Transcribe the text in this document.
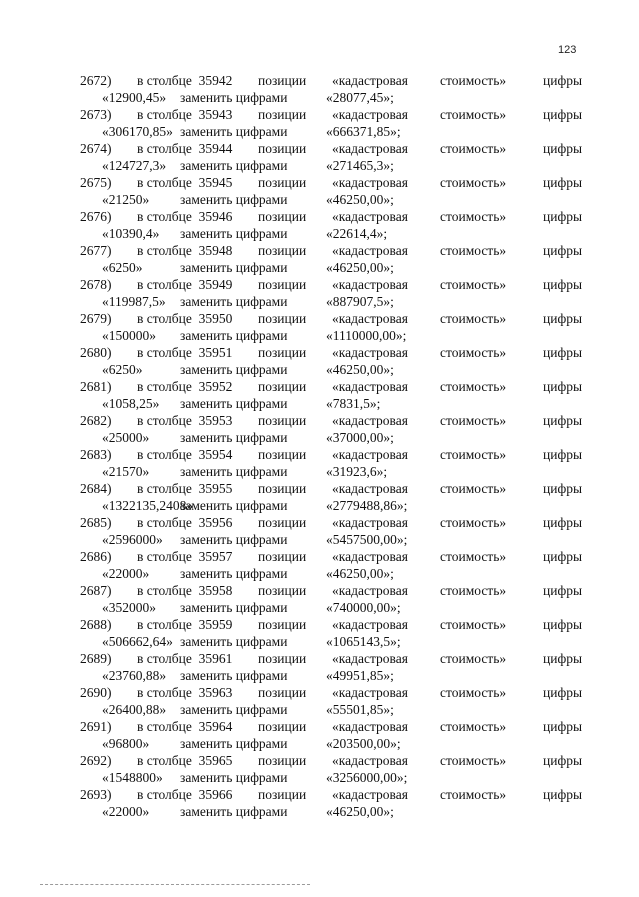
123
2672) в столбце 35942 позиции «кадастровая стоимость»	цифры
«12900,45» заменить цифрами	«28077,45»;
2673) в столбце 35943 позиции «кадастровая стоимость»	цифры
«306170,85» заменить цифрами	«666371,85»;
2674) в столбце 35944 позиции «кадастровая стоимость»	цифры
«124727,3» заменить цифрами	«271465,3»;
2675) в столбце 35945 позиции «кадастровая стоимость»	цифры
«21250» заменить цифрами	«46250,00»;
2676) в столбце 35946 позиции «кадастровая стоимость»	цифры
«10390,4» заменить цифрами	«22614,4»;
2677) в столбце 35948 позиции «кадастровая стоимость»	цифры
«6250»	заменить цифрами	«46250,00»;
2678) в столбце 35949 позиции «кадастровая стоимость»	цифры
«119987,5» заменить цифрами	«887907,5»;
2679) в столбце 35950 позиции «кадастровая стоимость»	цифры
«150000» заменить цифрами	«1110000,00»;
2680) в столбце 35951 позиции «кадастровая стоимость»	цифры
«6250»	заменить цифрами	«46250,00»;
2681) в столбце 35952 позиции «кадастровая стоимость»	цифры
«1058,25» заменить цифрами	«7831,5»;
2682) в столбце 35953 позиции «кадастровая стоимость»	цифры
«25000» заменить цифрами	«37000,00»;
2683) в столбце 35954 позиции «кадастровая стоимость»	цифры
«21570» заменить цифрами	«31923,6»;
2684) в столбце 35955 позиции «кадастровая стоимость»	цифры
«1322135,2408»
заменить цифрами	«2779488,86»;
2685) в столбце 35956 позиции «кадастровая стоимость»	цифры
«2596000» заменить цифрами	«5457500,00»;
2686) в столбце 35957 позиции «кадастровая стоимость»	цифры
«22000» заменить цифрами	«46250,00»;
2687) в столбце 35958 позиции «кадастровая стоимость»	цифры
«352000» заменить цифрами	«740000,00»;
2688) в столбце 35959 позиции «кадастровая стоимость»	цифры
«506662,64» заменить цифрами	«1065143,5»;
2689) в столбце 35961 позиции «кадастровая стоимость»	цифры
«23760,88» заменить цифрами	«49951,85»;
2690) в столбце 35963 позиции «кадастровая стоимость»	цифры
«26400,88» заменить цифрами	«55501,85»;
2691) в столбце 35964 позиции «кадастровая стоимость»	цифры
«96800» заменить цифрами	«203500,00»;
2692) в столбце 35965 позиции «кадастровая стоимость»	цифры
«1548800» заменить цифрами	«3256000,00»;
2693) в столбце 35966 позиции «кадастровая стоимость»	цифры
«22000» заменить цифрами	«46250,00»;
